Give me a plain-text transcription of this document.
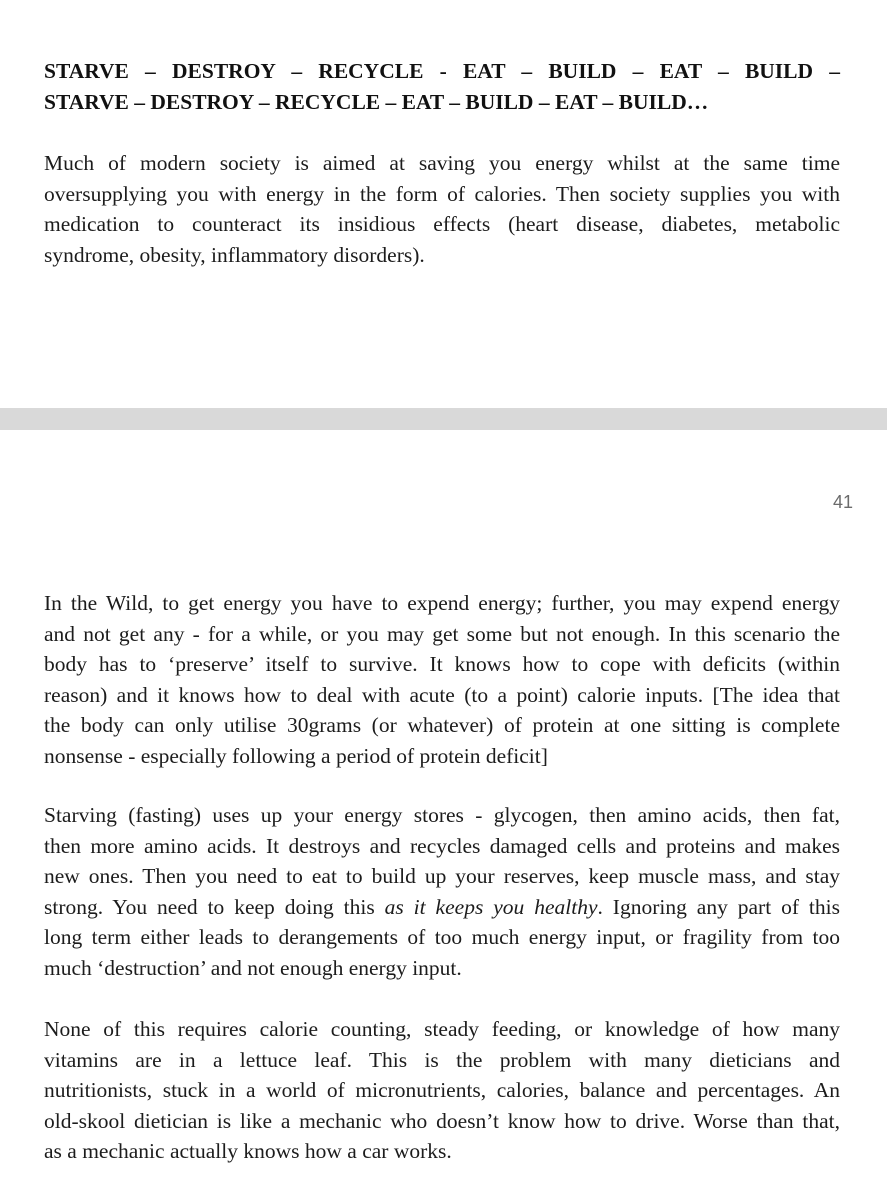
STARVE – DESTROY – RECYCLE - EAT – BUILD – EAT – BUILD –
STARVE – DESTROY – RECYCLE – EAT – BUILD – EAT – BUILD…

Much of modern society is aimed at saving you energy whilst at the same time
oversupplying you with energy in the form of calories. Then society supplies you with
medication to counteract its insidious effects (heart disease, diabetes, metabolic
syndrome, obesity, inflammatory disorders).

41

In the Wild, to get energy you have to expend energy; further, you may expend energy
and not get any - for a while, or you may get some but not enough. In this scenario the
body has to ‘preserve’ itself to survive. It knows how to cope with deficits (within
reason) and it knows how to deal with acute (to a point) calorie inputs. [The idea that
the body can only utilise 30grams (or whatever) of protein at one sitting is complete
nonsense - especially following a period of protein deficit]

Starving (fasting) uses up your energy stores - glycogen, then amino acids, then fat,
then more amino acids. It destroys and recycles damaged cells and proteins and makes
new ones. Then you need to eat to build up your reserves, keep muscle mass, and stay
strong. You need to keep doing this as it keeps you healthy. Ignoring any part of this
long term either leads to derangements of too much energy input, or fragility from too
much ‘destruction’ and not enough energy input.

None of this requires calorie counting, steady feeding, or knowledge of how many
vitamins are in a lettuce leaf. This is the problem with many dieticians and
nutritionists, stuck in a world of micronutrients, calories, balance and percentages. An
old-skool dietician is like a mechanic who doesn’t know how to drive. Worse than that,
as a mechanic actually knows how a car works.
